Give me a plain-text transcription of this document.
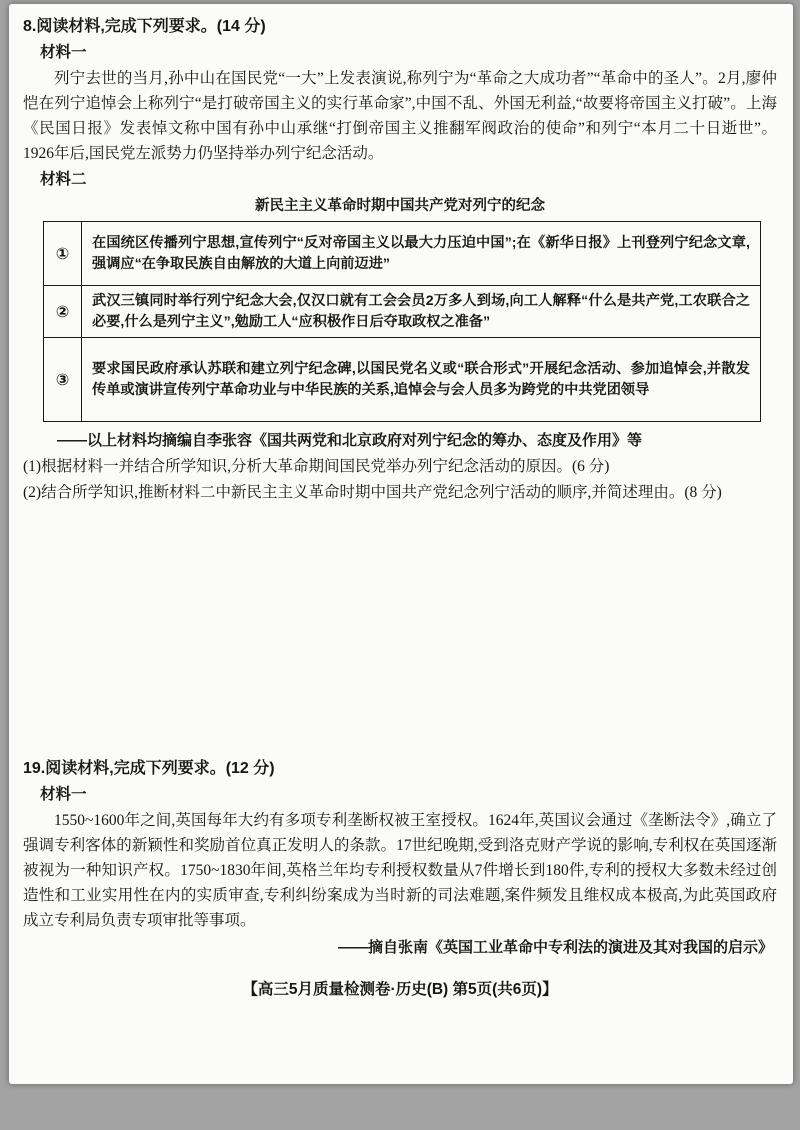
8.阅读材料,完成下列要求。(14 分)
材料一

列宁去世的当月,孙中山在国民党“一大”上发表演说,称列宁为“革命之大成功者”“革命中的圣人”。2月,廖仲恺在列宁追悼会上称列宁“是打破帝国主义的实行革命家”,中国不乱、外国无利益,“故要将帝国主义打破”。上海《民国日报》发表悼文称中国有孙中山承继“打倒帝国主义推翻军阀政治的使命”和列宁“本月二十日逝世”。1926年后,国民党左派势力仍坚持举办列宁纪念活动。

材料二
新民主主义革命时期中国共产党对列宁的纪念
①	在国统区传播列宁思想,宣传列宁“反对帝国主义以最大力压迫中国”;在《新华日报》上刊登列宁纪念文章,强调应“在争取民族自由解放的大道上向前迈进”
②	武汉三镇同时举行列宁纪念大会,仅汉口就有工会会员2万多人到场,向工人解释“什么是共产党,工农联合之必要,什么是列宁主义”,勉励工人“应积极作日后夺取政权之准备”
③	要求国民政府承认苏联和建立列宁纪念碑,以国民党名义或“联合形式”开展纪念活动、参加追悼会,并散发传单或演讲宣传列宁革命功业与中华民族的关系,追悼会与会人员多为跨党的中共党团领导
——以上材料均摘编自李张容《国共两党和北京政府对列宁纪念的筹办、态度及作用》等

(1)根据材料一并结合所学知识,分析大革命期间国民党举办列宁纪念活动的原因。(6 分)

(2)结合所学知识,推断材料二中新民主主义革命时期中国共产党纪念列宁活动的顺序,并简述理由。(8 分)

19.阅读材料,完成下列要求。(12 分)
材料一

1550~1600年之间,英国每年大约有多项专利垄断权被王室授权。1624年,英国议会通过《垄断法令》,确立了强调专利客体的新颖性和奖励首位真正发明人的条款。17世纪晚期,受到洛克财产学说的影响,专利权在英国逐渐被视为一种知识产权。1750~1830年间,英格兰年均专利授权数量从7件增长到180件,专利的授权大多数未经过创造性和工业实用性在内的实质审查,专利纠纷案成为当时新的司法难题,案件频发且维权成本极高,为此英国政府成立专利局负责专项审批等事项。

——摘自张南《英国工业革命中专利法的演进及其对我国的启示》
【高三5月质量检测卷·历史(B) 第5页(共6页)】
